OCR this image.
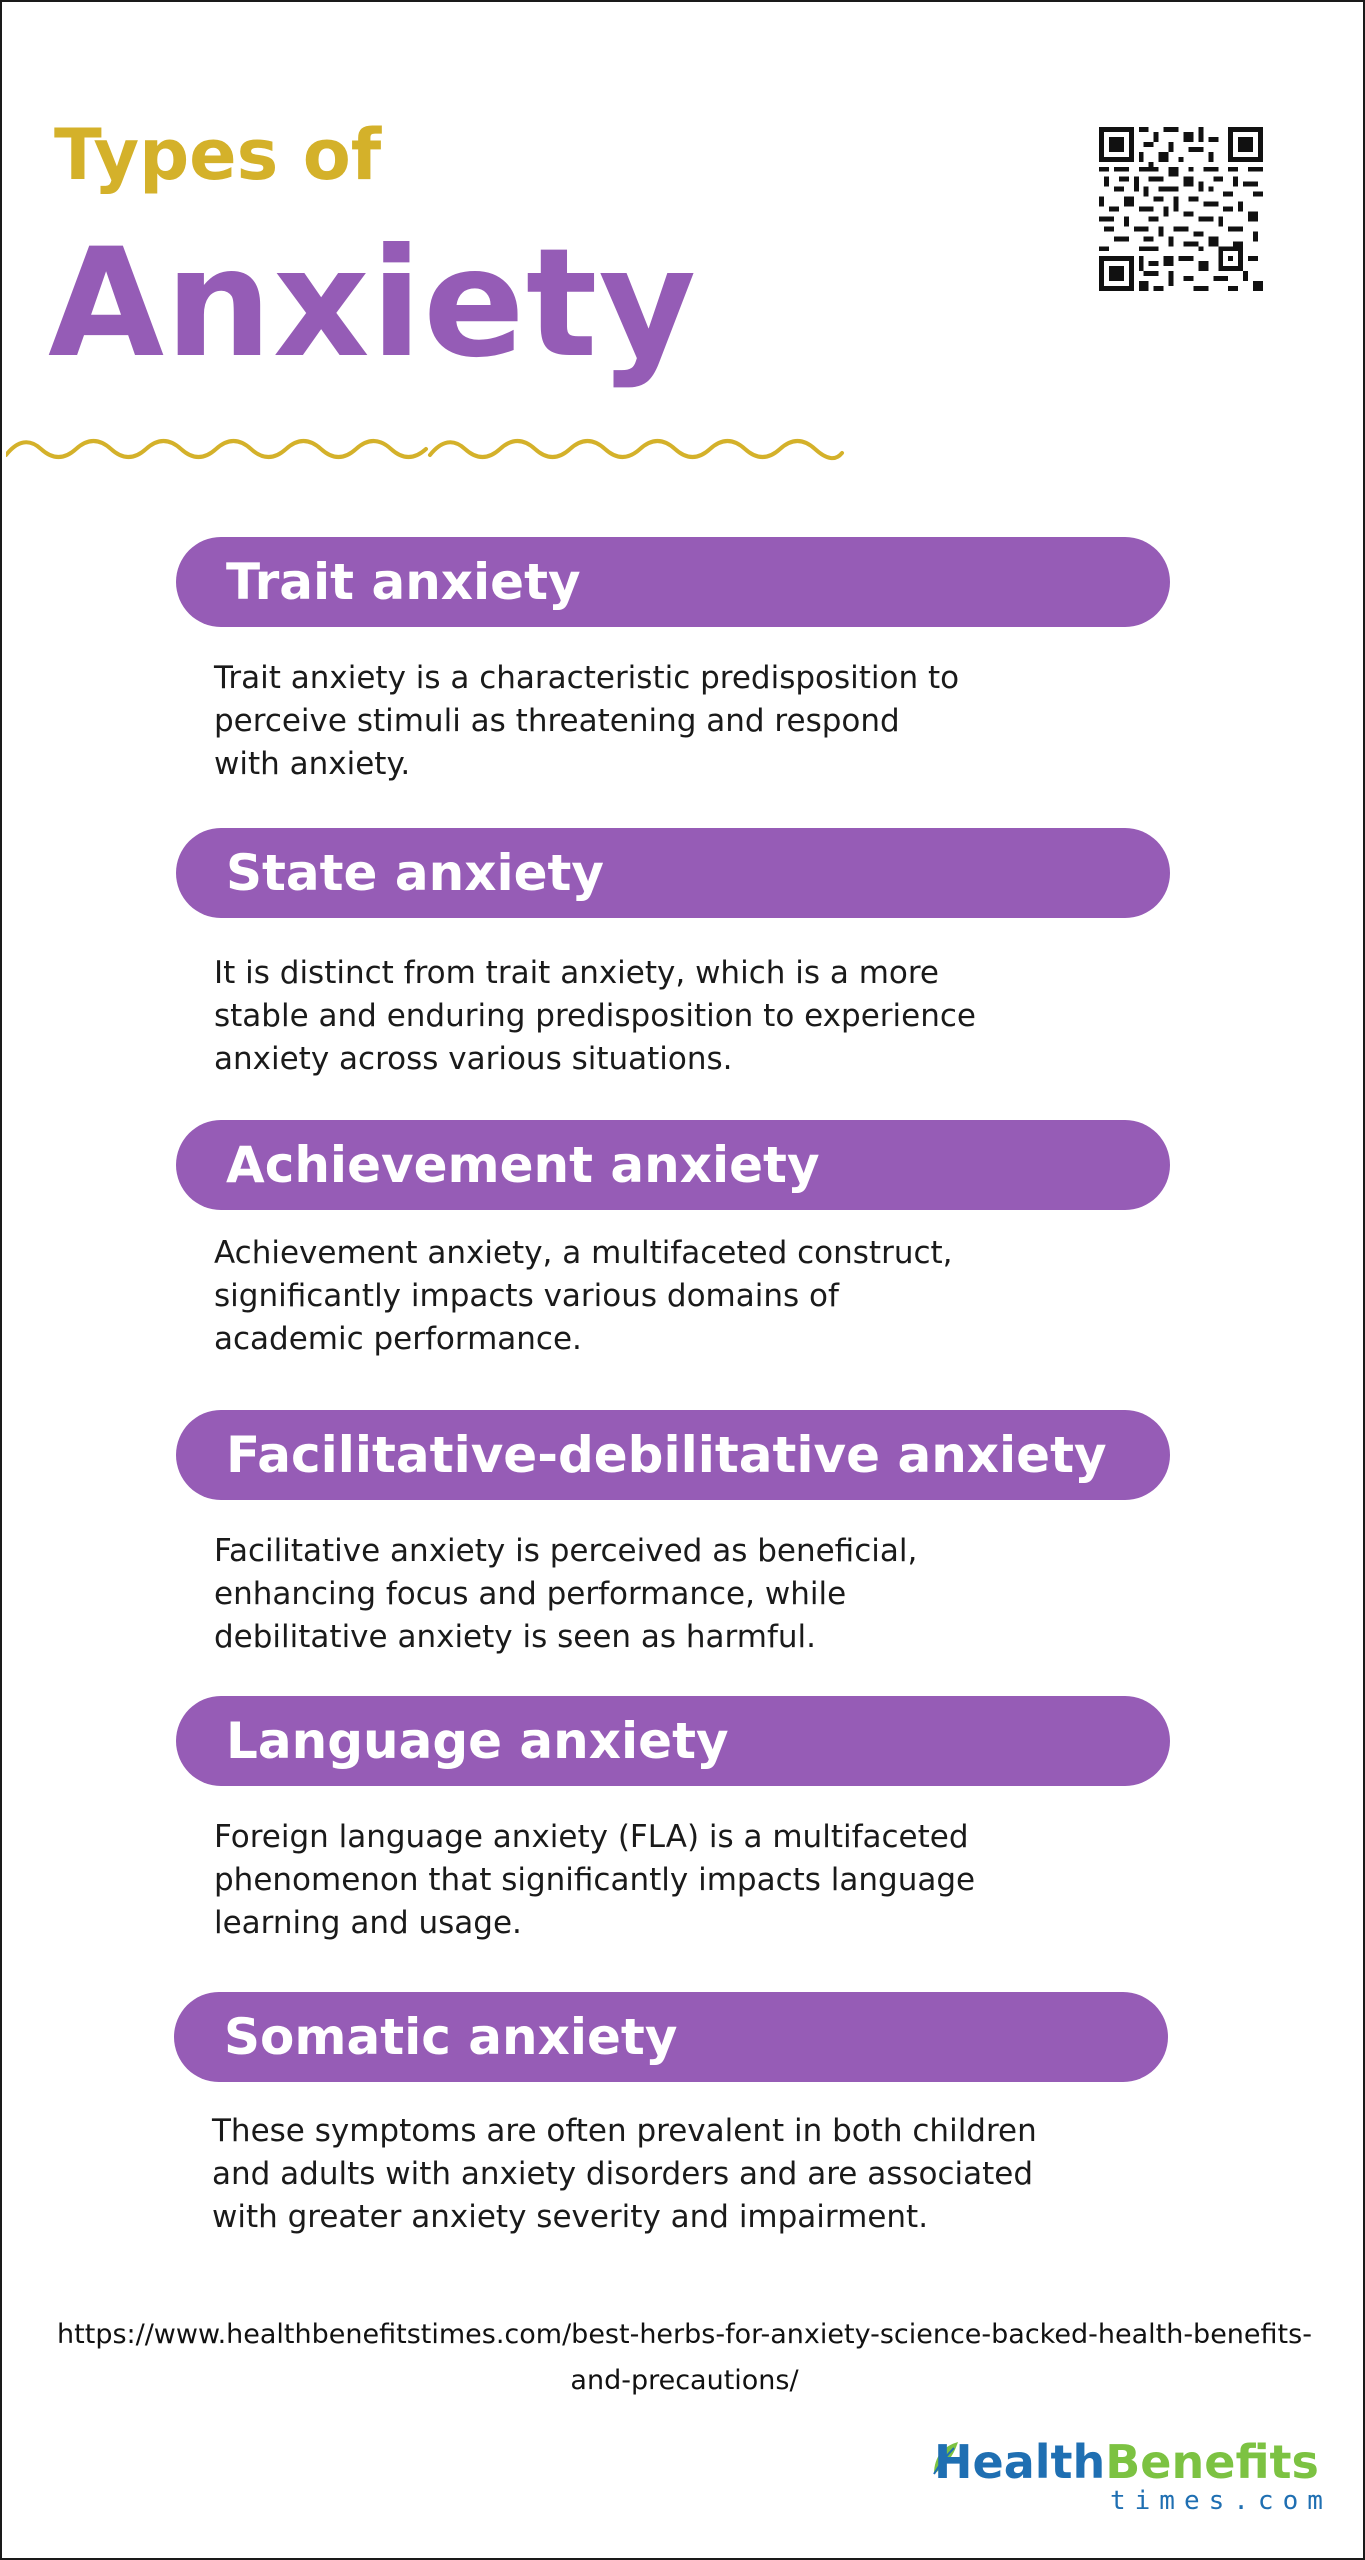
Types of
Anxiety
Trait anxiety
Trait anxiety is a characteristic predisposition to
perceive stimuli as threatening and respond
with anxiety.
State anxiety
It is distinct from trait anxiety, which is a more
stable and enduring predisposition to experience
anxiety across various situations.
Achievement anxiety
Achievement anxiety, a multifaceted construct,
significantly impacts various domains of
academic performance.
Facilitative-debilitative anxiety
Facilitative anxiety is perceived as beneficial,
enhancing focus and performance, while
debilitative anxiety is seen as harmful.
Language anxiety
Foreign language anxiety (FLA) is a multifaceted
phenomenon that significantly impacts language
learning and usage.
Somatic anxiety
These symptoms are often prevalent in both children
and adults with anxiety disorders and are associated
with greater anxiety severity and impairment.
https://www.healthbenefitstimes.com/best-herbs-for-anxiety-science-backed-health-benefits-
and-precautions/
HealthBenefits
times.com
